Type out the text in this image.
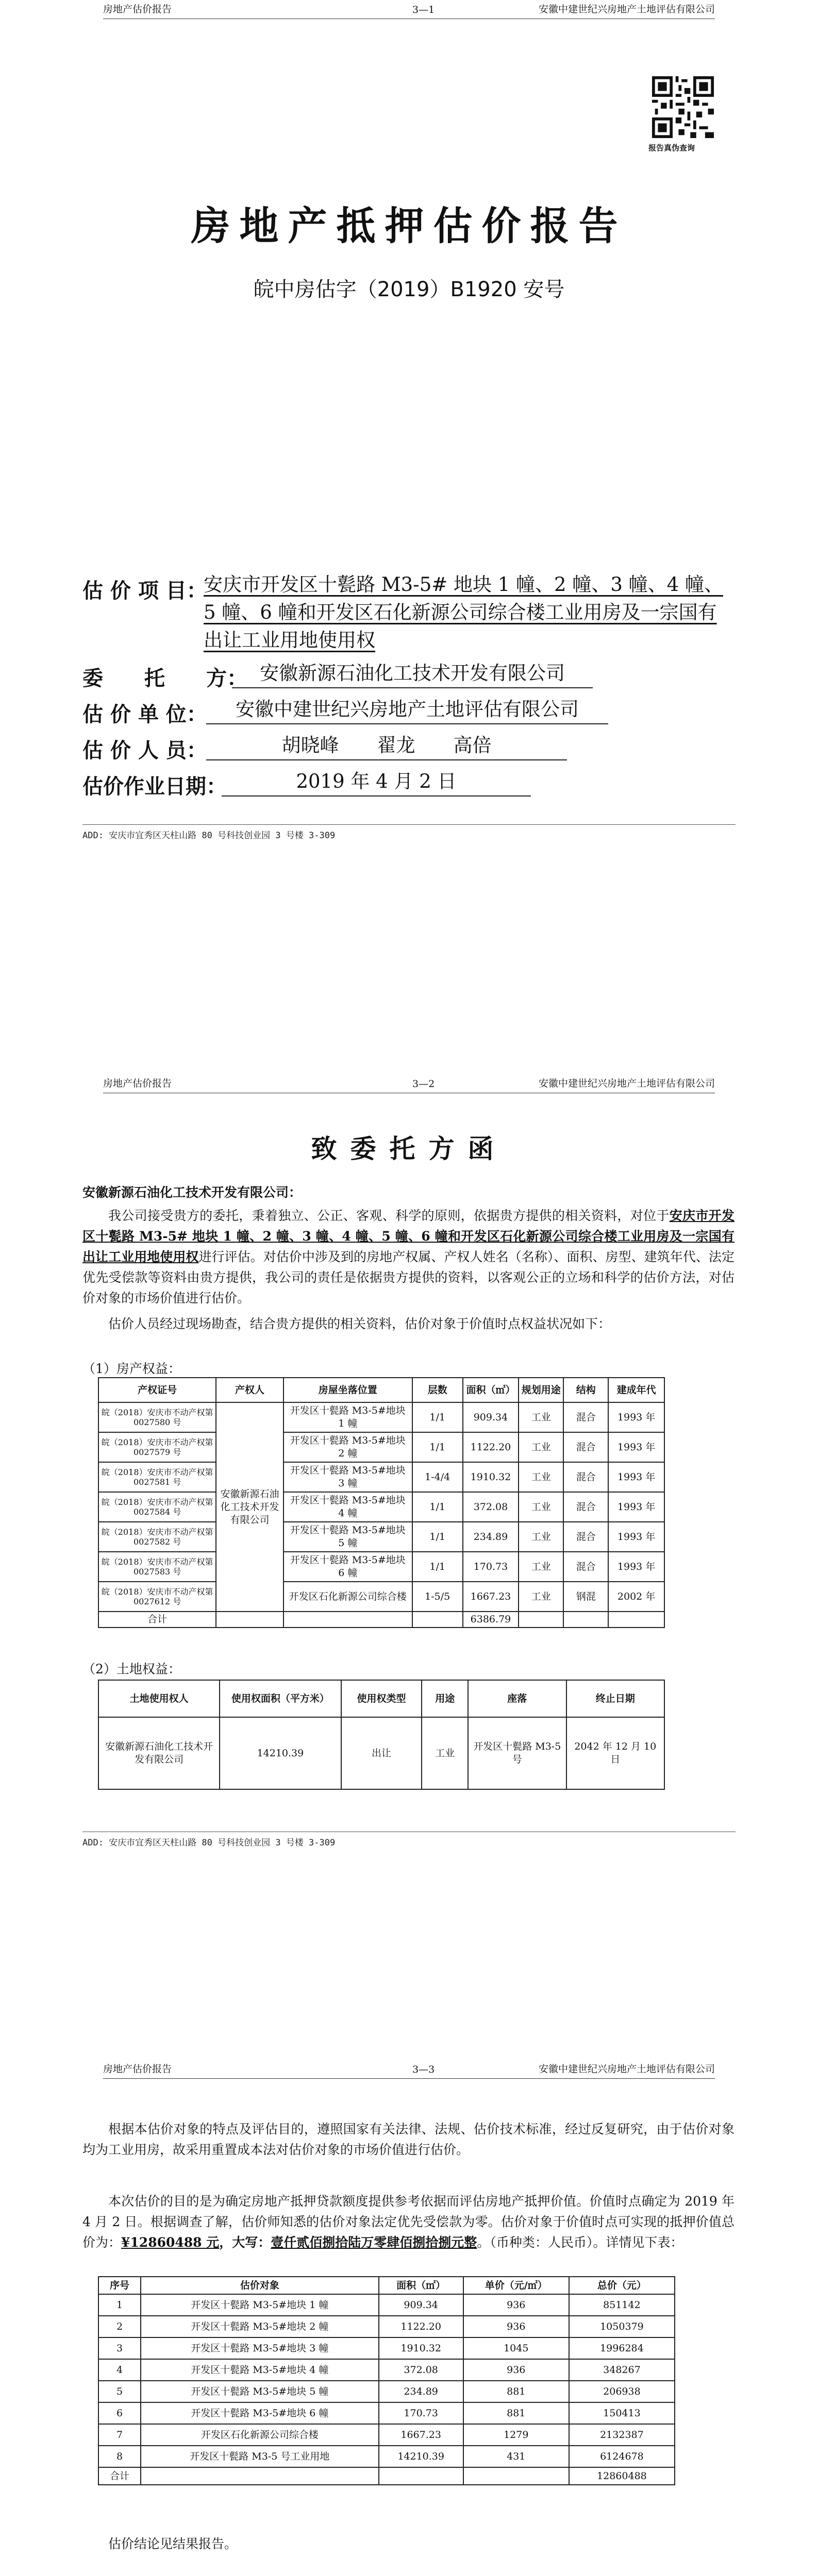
房地产估价报告	3—1	安徽中建世纪兴房地产土地评估有限公司
报告真伪查询
房地产抵押估价报告
皖中房估字（2019）B1920 安号
估 价 项 目：
安庆市开发区十甏路 M3-5# 地块 1 幢、2 幢、3 幢、4 幢、5 幢、6 幢和开发区石化新源公司综合楼工业用房及一宗国有出让工业用地使用权
委　　托　　方： 安徽新源石油化工技术开发有限公司
估 价 单 位：	安徽中建世纪兴房地产土地评估有限公司
估 价 人 员：	胡晓峰　　翟龙　　高倍
估价作业日期：	2019 年 4 月 2 日
ADD: 安庆市宜秀区天柱山路 80 号科技创业园 3 号楼 3-309
房地产估价报告	3—2	安徽中建世纪兴房地产土地评估有限公司
致委托方函
安徽新源石油化工技术开发有限公司：
我公司接受贵方的委托，秉着独立、公正、客观、科学的原则，依据贵方提供的相关资料，对位于安庆市开发区十甏路 M3-5# 地块 1 幢、2 幢、3 幢、4 幢、5 幢、6 幢和开发区石化新源公司综合楼工业用房及一宗国有出让工业用地使用权进行评估。对估价中涉及到的房地产权属、产权人姓名（名称）、面积、房型、建筑年代、法定优先受偿款等资料由贵方提供，我公司的责任是依据贵方提供的资料，以客观公正的立场和科学的估价方法，对估价对象的市场价值进行估价。
估价人员经过现场勘查，结合贵方提供的相关资料，估价对象于价值时点权益状况如下：
（1）房产权益：
产权证号	产权人	房屋坐落位置	层数	面积（㎡）	规划用途	结构	建成年代
皖（2018）安庆市不动产权第 0027580 号	安徽新源石油化工技术开发有限公司	开发区十甏路 M3-5#地块 1 幢	1/1	909.34	工业	混合	1993 年
皖（2018）安庆市不动产权第 0027579 号		开发区十甏路 M3-5#地块 2 幢	1/1	1122.20	工业	混合	1993 年
皖（2018）安庆市不动产权第 0027581 号		开发区十甏路 M3-5#地块 3 幢	1-4/4	1910.32	工业	混合	1993 年
皖（2018）安庆市不动产权第 0027584 号		开发区十甏路 M3-5#地块 4 幢	1/1	372.08	工业	混合	1993 年
皖（2018）安庆市不动产权第 0027582 号		开发区十甏路 M3-5#地块 5 幢	1/1	234.89	工业	混合	1993 年
皖（2018）安庆市不动产权第 0027583 号		开发区十甏路 M3-5#地块 6 幢	1/1	170.73	工业	混合	1993 年
皖（2018）安庆市不动产权第 0027612 号		开发区石化新源公司综合楼	1-5/5	1667.23	工业	钢混	2002 年
合计				6386.79			
（2）土地权益：
土地使用权人	使用权面积（平方米）	使用权类型	用途	座落	终止日期
安徽新源石油化工技术开发有限公司	14210.39	出让	工业	开发区十甏路 M3-5 号	2042 年 12 月 10 日
ADD: 安庆市宜秀区天柱山路 80 号科技创业园 3 号楼 3-309
房地产估价报告	3—3	安徽中建世纪兴房地产土地评估有限公司
根据本估价对象的特点及评估目的，遵照国家有关法律、法规、估价技术标准，经过反复研究，由于估价对象均为工业用房，故采用重置成本法对估价对象的市场价值进行估价。
本次估价的目的是为确定房地产抵押贷款额度提供参考依据而评估房地产抵押价值。价值时点确定为 2019 年 4 月 2 日。根据调查了解，估价师知悉的估价对象法定优先受偿款为零。估价对象于价值时点可实现的抵押价值总价为：¥12860488 元，大写：壹仟贰佰捌拾陆万零肆佰捌拾捌元整。（币种类：人民币）。详情见下表：
序号	估价对象	面积（㎡）	单价（元/㎡）	总价（元）
1	开发区十甏路 M3-5#地块 1 幢	909.34	936	851142
2	开发区十甏路 M3-5#地块 2 幢	1122.20	936	1050379
3	开发区十甏路 M3-5#地块 3 幢	1910.32	1045	1996284
4	开发区十甏路 M3-5#地块 4 幢	372.08	936	348267
5	开发区十甏路 M3-5#地块 5 幢	234.89	881	206938
6	开发区十甏路 M3-5#地块 6 幢	170.73	881	150413
7	开发区石化新源公司综合楼	1667.23	1279	2132387
8	开发区十甏路 M3-5 号工业用地	14210.39	431	6124678
合计				12860488
估价结论见结果报告。
